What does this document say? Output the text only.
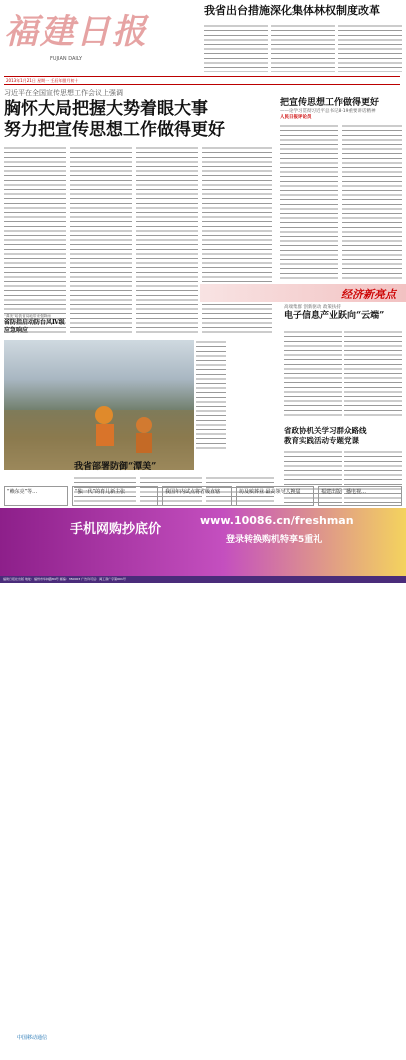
福建日报
FUJIAN DAILY
我省出台措施深化集体林权制度改革
2013年1月21日 星期一 壬辰年腊月初十
习近平在全国宣传思想工作会议上强调
胸怀大局把握大势着眼大事
努力把宣传思想工作做得更好
把宣传思想工作做得更好
——论学习贯彻习近平总书记8·19重要讲话精神
人民日报评论员
经济新亮点
高端集群 创新驱动 政策扶持
电子信息产业跃向“云端”
“潭美”给我省局地带来强降雨
省防指启动防台风Ⅳ级应急响应
我省部署防御“潭美”
省政协机关学习群众路线
教育实践活动专题党课
“赖东亮”等…	“独一代”的育儿新主张	我国年内试点将省级直辖	坊及殡葬业 最高领导人换届	福建出版广播电视…
中国移动通信
手机网购抄底价
www.10086.cn/freshman
登录转换购机特享5重礼
福建日报社出版 地址：福州市华林路84号 邮编：350003 广告许可证：闽工商广字第001号
